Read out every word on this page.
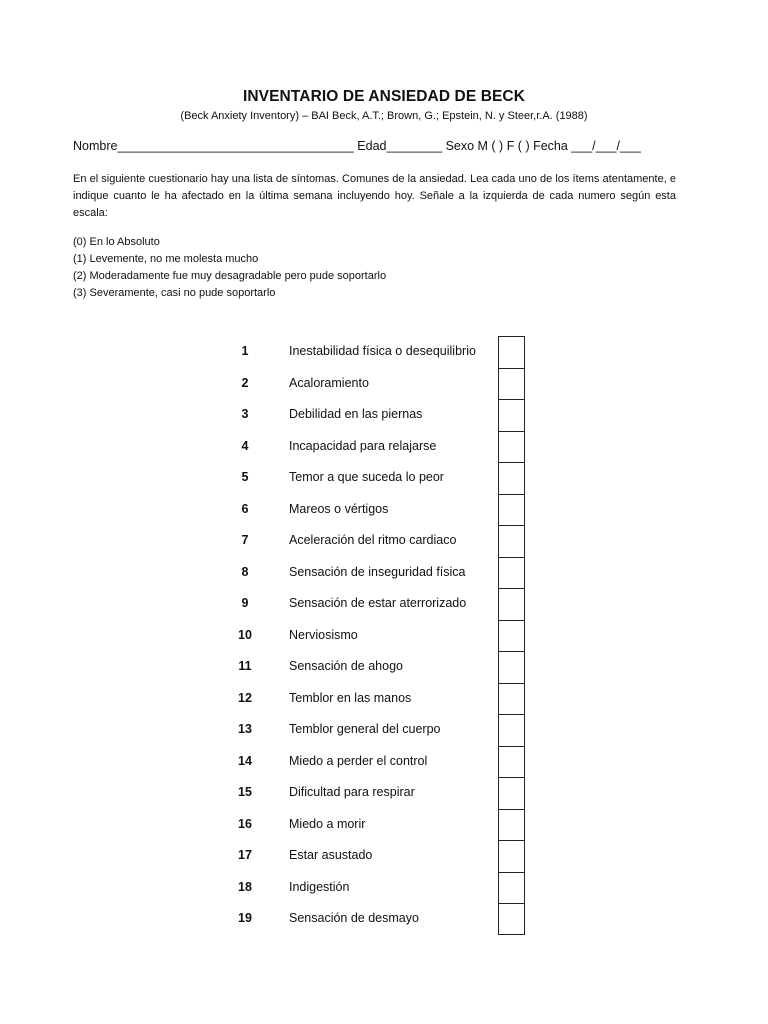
INVENTARIO DE ANSIEDAD DE BECK
(Beck Anxiety Inventory) – BAI Beck, A.T.; Brown, G.; Epstein, N. y Steer,r.A. (1988)
Nombre__________________________________ Edad________ Sexo M ( ) F ( ) Fecha ___/___/___
En el siguiente cuestionario hay una lista de síntomas. Comunes de la ansiedad. Lea cada uno de los ítems atentamente, e indique cuanto le ha afectado en la última semana incluyendo hoy. Señale a la izquierda de cada numero según esta escala:
(0) En lo Absoluto
(1) Levemente, no me molesta mucho
(2) Moderadamente fue muy desagradable pero pude soportarlo
(3) Severamente, casi no pude soportarlo
1	Inestabilidad física o desequilibrio
2	Acaloramiento
3	Debilidad en las piernas
4	Incapacidad para relajarse
5	Temor a que suceda lo peor
6	Mareos o vértigos
7	Aceleración del ritmo cardiaco
8	Sensación de inseguridad física
9	Sensación de estar aterrorizado
10	Nerviosismo
11	Sensación de ahogo
12	Temblor en las manos
13	Temblor general del cuerpo
14	Miedo a perder el control
15	Dificultad para respirar
16	Miedo a morir
17	Estar asustado
18	Indigestión
19	Sensación de desmayo
